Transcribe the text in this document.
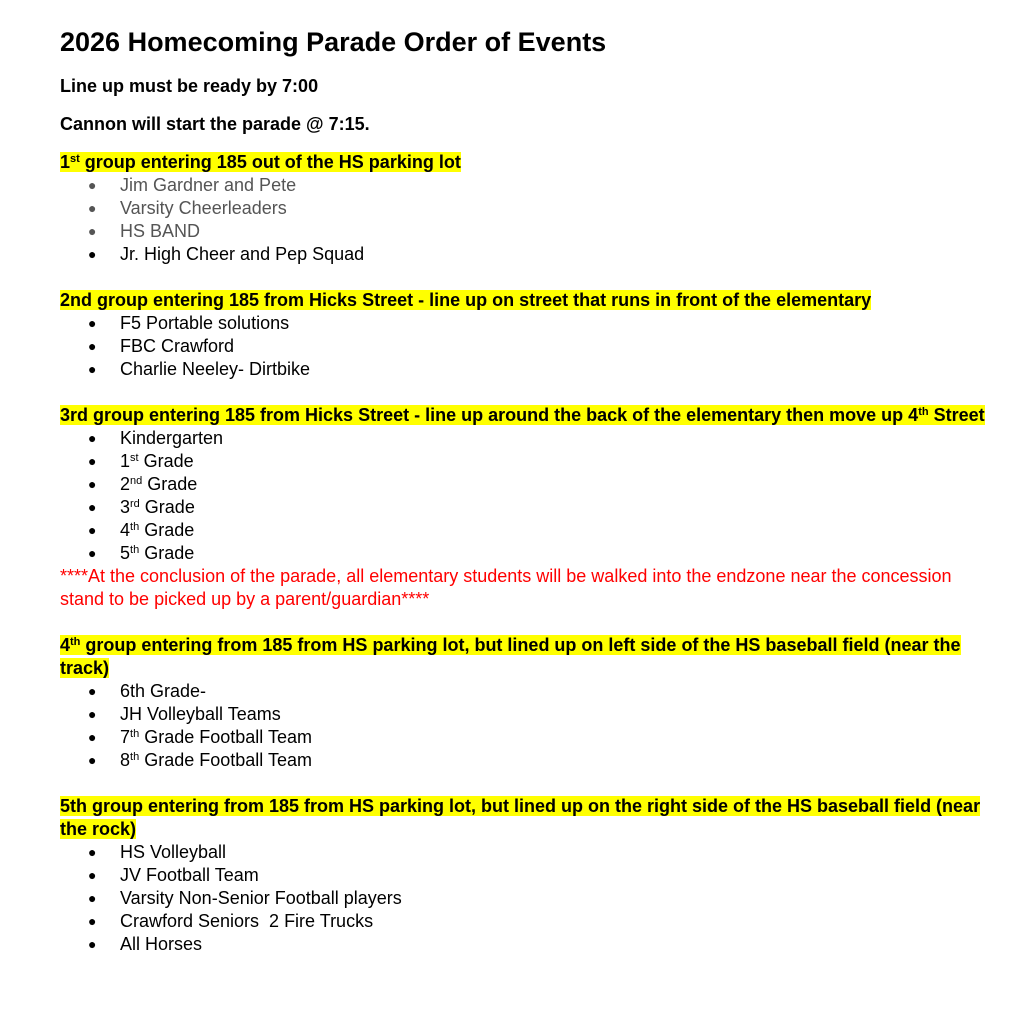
2026 Homecoming Parade Order of Events

Line up must be ready by 7:00

Cannon will start the parade @ 7:15.

1st group entering 185 out of the HS parking lot

● Jim Gardner and Pete
● Varsity Cheerleaders
● HS BAND
● Jr. High Cheer and Pep Squad

2nd group entering 185 from Hicks Street - line up on street that runs in front of the elementary

● F5 Portable solutions
● FBC Crawford
● Charlie Neeley- Dirtbike

3rd group entering 185 from Hicks Street - line up around the back of the elementary then move up 4th Street

● Kindergarten
● 1st Grade
● 2nd Grade
● 3rd Grade
● 4th Grade
● 5th Grade

****At the conclusion of the parade, all elementary students will be walked into the endzone near the concession stand to be picked up by a parent/guardian****

4th group entering from 185 from HS parking lot, but lined up on left side of the HS baseball field (near the track)

● 6th Grade-
● JH Volleyball Teams
● 7th Grade Football Team
● 8th Grade Football Team

5th group entering from 185 from HS parking lot, but lined up on the right side of the HS baseball field (near the rock)

● HS Volleyball
● JV Football Team
● Varsity Non-Senior Football players
● Crawford Seniors  2 Fire Trucks
● All Horses
